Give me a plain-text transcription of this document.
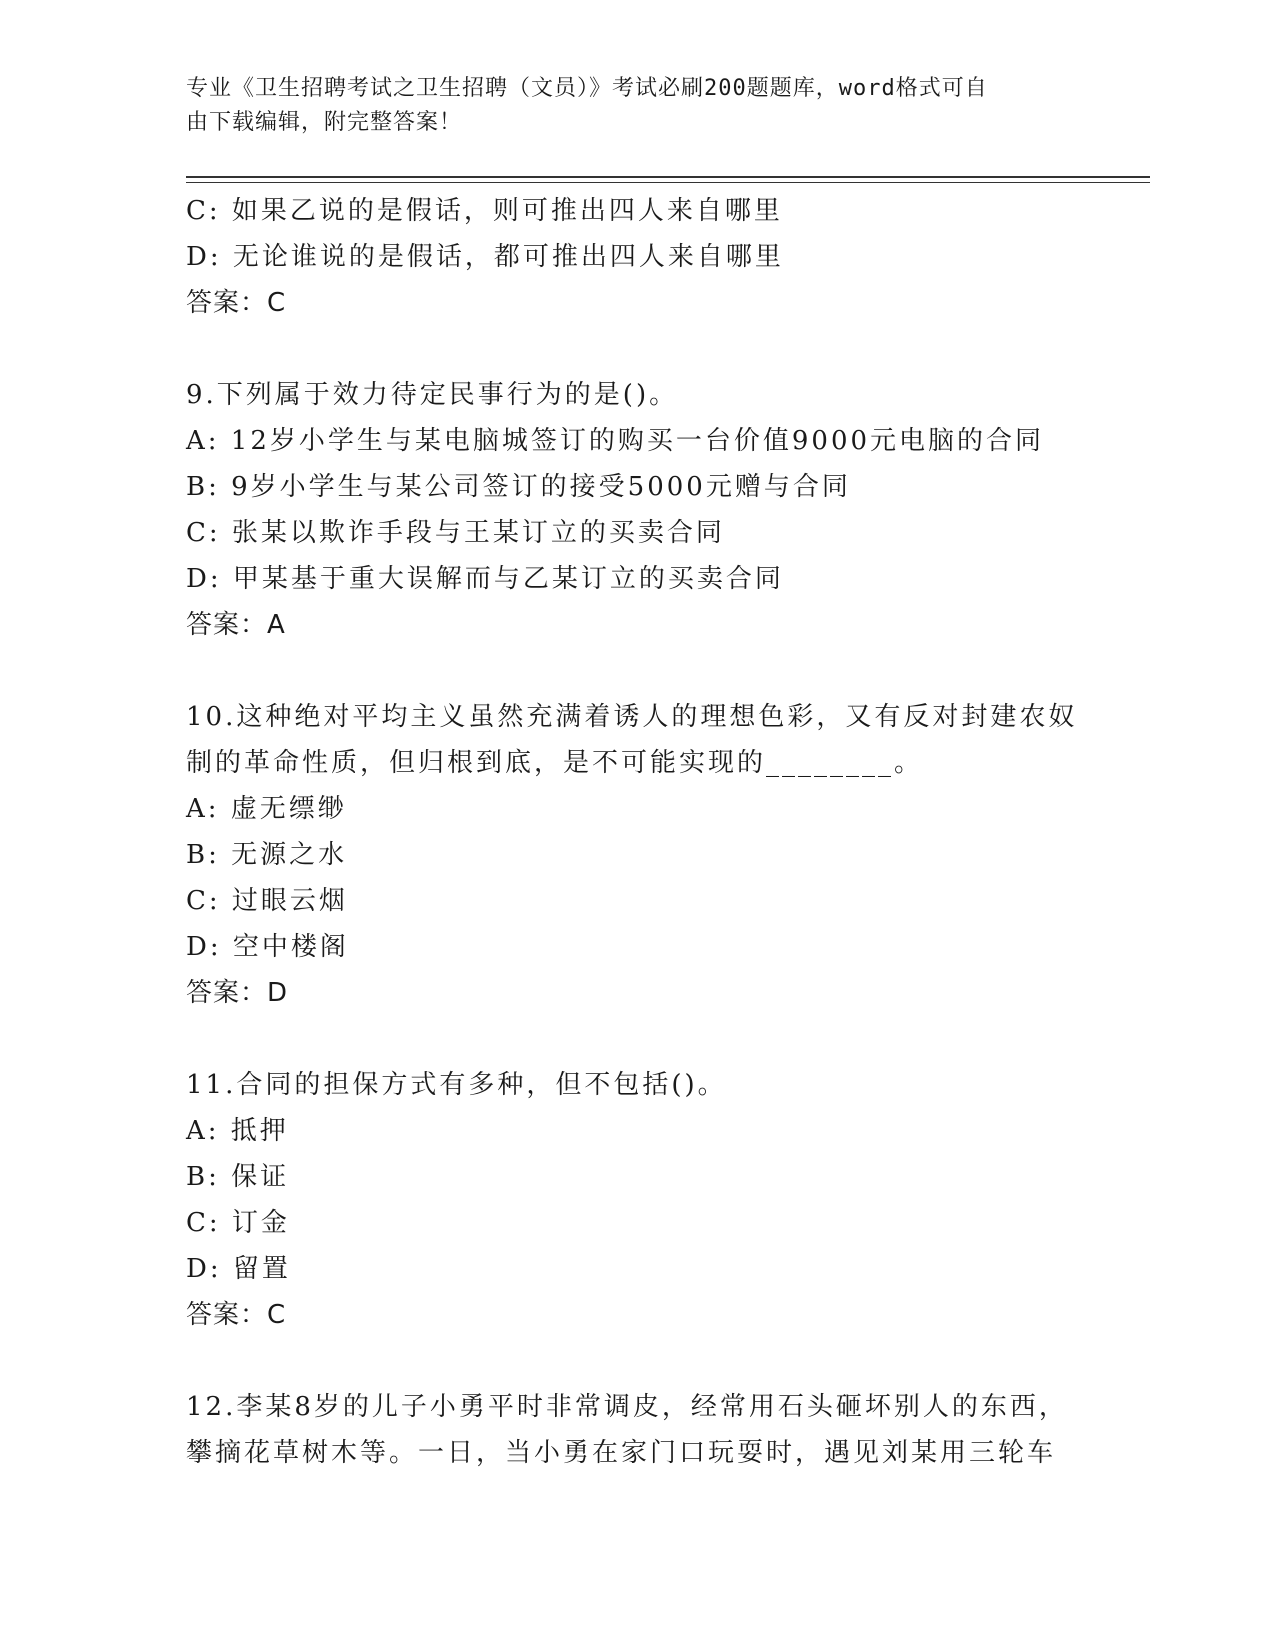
专业《卫生招聘考试之卫生招聘（文员）》考试必刷200题题库，word格式可自
由下载编辑，附完整答案！
C: 如果乙说的是假话，则可推出四人来自哪里
D: 无论谁说的是假话，都可推出四人来自哪里
答案：C
9.下列属于效力待定民事行为的是()。
A: 12岁小学生与某电脑城签订的购买一台价值9000元电脑的合同
B: 9岁小学生与某公司签订的接受5000元赠与合同
C: 张某以欺诈手段与王某订立的买卖合同
D: 甲某基于重大误解而与乙某订立的买卖合同
答案：A
10.这种绝对平均主义虽然充满着诱人的理想色彩，又有反对封建农奴
制的革命性质，但归根到底，是不可能实现的________。
A: 虚无缥缈
B: 无源之水
C: 过眼云烟
D: 空中楼阁
答案：D
11.合同的担保方式有多种，但不包括()。
A: 抵押
B: 保证
C: 订金
D: 留置
答案：C
12.李某8岁的儿子小勇平时非常调皮，经常用石头砸坏别人的东西，
攀摘花草树木等。一日，当小勇在家门口玩耍时，遇见刘某用三轮车
